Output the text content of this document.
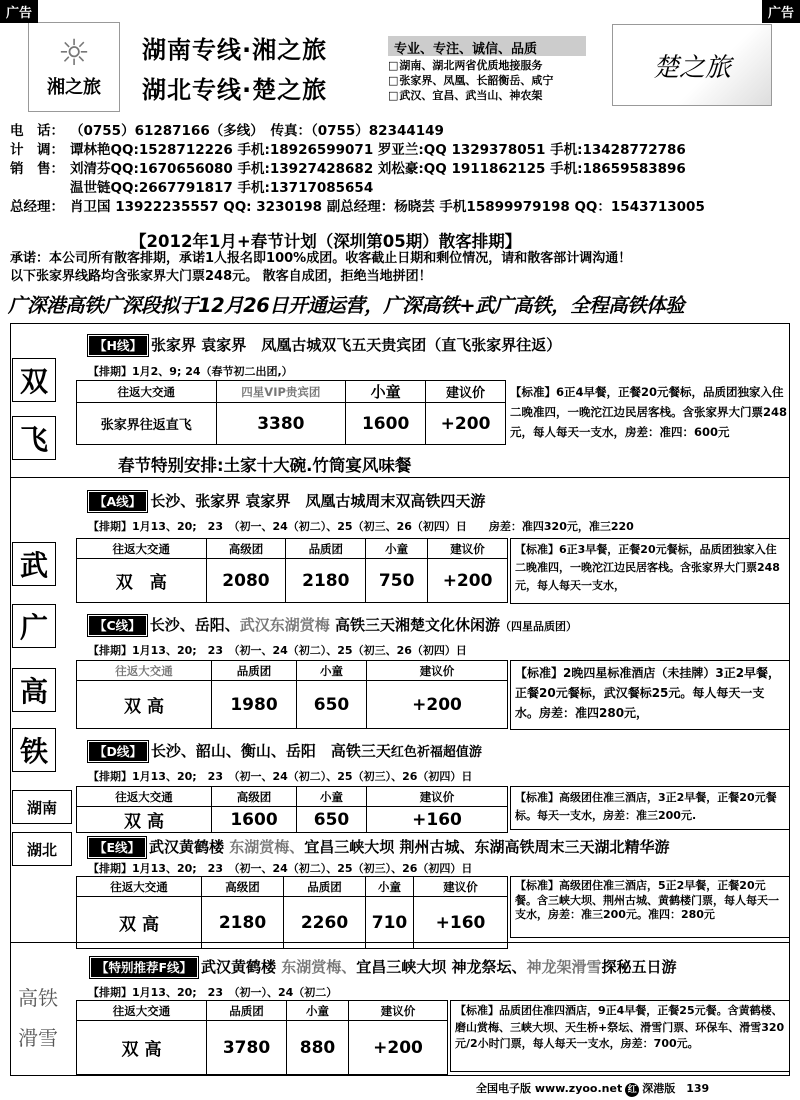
广告	广告
☼
湘之旅
湖南专线·湘之旅
湖北专线·楚之旅
专业、专注、诚信、品质
□ 湖南、湖北两省优质地接服务
□ 张家界、凤凰、长韶衡岳、咸宁
□ 武汉、宜昌、武当山、神农架
楚之旅
电　话： （0755）61287166（多线）　传真：（0755）82344149
计　调： 谭林艳QQ:1528712226 手机:18926599071 罗亚兰:QQ 1329378051 手机:13428772786
销　售： 刘清芬QQ:1670656080 手机:13927428682 刘松豪:QQ 1911862125 手机:18659583896
温世链QQ:2667791817 手机:13717085654
总经理： 肖卫国 13922235557 QQ: 3230198 副总经理：杨晓芸 手机15899979198 QQ：1543713005
【2012年1月+春节计划（深圳第05期）散客排期】
承诺：本公司所有散客排期，承诺1人报名即100%成团。收客截止日期和剩位情况，请和散客部计调沟通！
以下张家界线路均含张家界大门票248元。 散客自成团，拒绝当地拼团！
广深港高铁广深段拟于12月26日开通运营，广深高铁+武广高铁，全程高铁体验
双
飞
武
广
高
铁
湖南
湖北
高铁
滑雪
【H线】 张家界 袁家界　凤凰古城双飞五天贵宾团（直飞张家界往返）
【排期】1月2、9; 24（春节初二出团,）
往返大交通	四星VIP贵宾团	小童	建议价
张家界往返直飞	3380	1600	+200
春节特别安排:土家十大碗.竹筒宴风味餐
【标准】6正4早餐，正餐20元餐标，品质团独家入住二晚准四，一晚沱江边民居客栈。含张家界大门票248元，每人每天一支水，房差：准四：600元
【A线】 长沙、张家界 袁家界　凤凰古城周末双高铁四天游
【排期】1月13、20;　23　（初一、24（初二）、25（初三、26（初四）日　　房差：准四320元，准三220
往返大交通	高级团	品质团	小童	建议价
双　高	2080	2180	750	+200
【标准】6正3早餐，正餐20元餐标，品质团独家入住二晚准四，一晚沱江边民居客栈。含张家界大门票248元，每人每天一支水，
【C线】 长沙、岳阳、武汉东湖赏梅 高铁三天湘楚文化休闲游（四星品质团）
【排期】1月13、20;　23　（初一、24（初二）、25（初三、26（初四）日
往返大交通	品质团	小童	建议价
双 高	1980	650	+200
【标准】2晚四星标准酒店（未挂牌）3正2早餐，正餐20元餐标，武汉餐标25元。每人每天一支水。房差：准四280元，
【D线】 长沙、韶山、衡山、岳阳　高铁三天红色祈福超值游
【排期】1月13、20;　23　（初一、24（初二）、25（初三）、26（初四）日
往返大交通	高级团	小童	建议价
双 高	1600	650	+160
【标准】高级团住准三酒店，3正2早餐，正餐20元餐标。每天一支水，房差：准三200元.
【E线】 武汉黄鹤楼 东湖赏梅、宜昌三峡大坝 荆州古城、东湖高铁周末三天湖北精华游
【排期】1月13、20;　23　（初一、24（初二）、25（初三）、26（初四）日
往返大交通	高级团	品质团	小童	建议价
双 高	2180	2260	710	+160
【标准】高级团住准三酒店，5正2早餐，正餐20元餐。含三峡大坝、荆州古城、黄鹤楼门票，每人每天一支水，房差：准三200元。准四：280元
【特别推荐F线】 武汉黄鹤楼 东湖赏梅、宜昌三峡大坝 神龙祭坛、神龙架滑雪探秘五日游
【排期】1月13、20;　23　（初一）、24（初二）
往返大交通	品质团	小童	建议价
双 高	3780	880	+200
【标准】品质团住准四酒店，9正4早餐，正餐25元餐。含黄鹤楼、磨山赏梅、三峡大坝、天生桥+祭坛、滑雪门票、环保车、滑雪320元/2小时门票，每人每天一支水，房差：700元。
全国电子版 www.zyoo.net 红 深港版　 139
